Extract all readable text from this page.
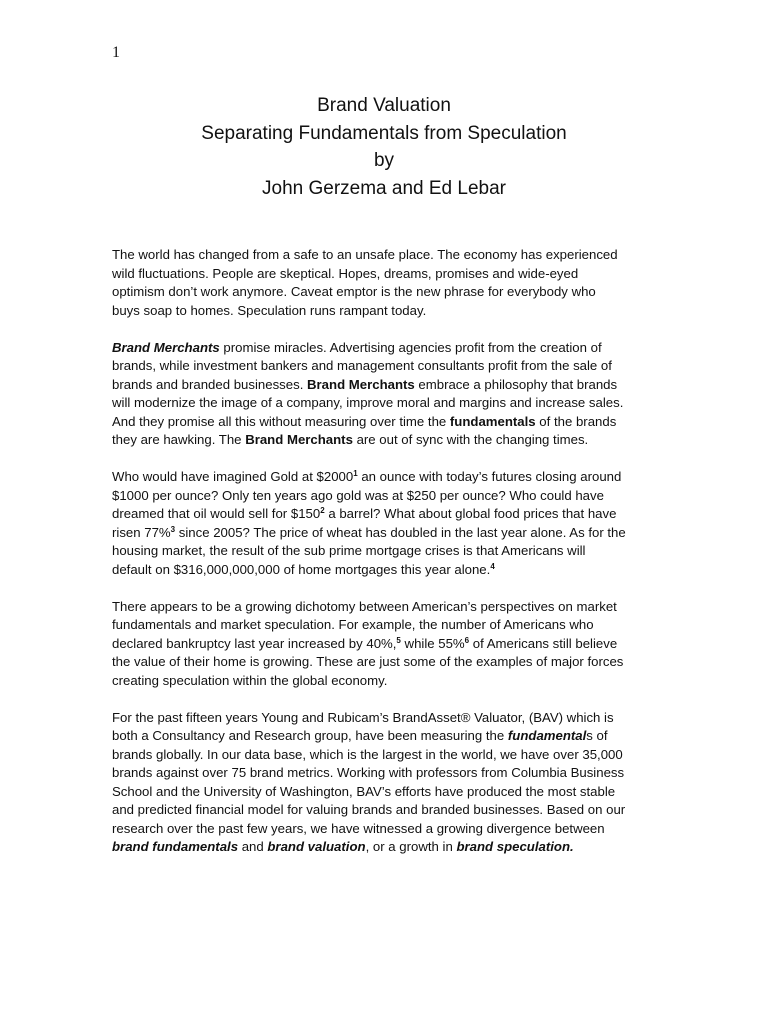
1
Brand Valuation
Separating Fundamentals from Speculation
by
John Gerzema and Ed Lebar

The world has changed from a safe to an unsafe place. The economy has experienced
wild fluctuations. People are skeptical. Hopes, dreams, promises and wide-eyed
optimism don’t work anymore. Caveat emptor is the new phrase for everybody who
buys soap to homes. Speculation runs rampant today.

Brand Merchants promise miracles. Advertising agencies profit from the creation of
brands, while investment bankers and management consultants profit from the sale of
brands and branded businesses. Brand Merchants embrace a philosophy that brands
will modernize the image of a company, improve moral and margins and increase sales.
And they promise all this without measuring over time the fundamentals of the brands
they are hawking. The Brand Merchants are out of sync with the changing times.

Who would have imagined Gold at $2000$^1$ an ounce with today’s futures closing around
$1000 per ounce? Only ten years ago gold was at $250 per ounce? Who could have
dreamed that oil would sell for $\$150^2$ a barrel? What about global food prices that have
risen 77%$^3$ since 2005? The price of wheat has doubled in the last year alone. As for the
housing market, the result of the sub prime mortgage crises is that Americans will
default on $316,000,000,000 of home mortgages this year alone.$^4$

There appears to be a growing dichotomy between American’s perspectives on market
fundamentals and market speculation. For example, the number of Americans who
declared bankruptcy last year increased by 40%,$^5$ while 55%$^6$ of Americans still believe
the value of their home is growing. These are just some of the examples of major forces
creating speculation within the global economy.

For the past fifteen years Young and Rubicam’s BrandAsset® Valuator, (BAV) which is
both a Consultancy and Research group, have been measuring the fundamentals of
brands globally. In our data base, which is the largest in the world, we have over 35,000
brands against over 75 brand metrics. Working with professors from Columbia Business
School and the University of Washington, BAV’s efforts have produced the most stable
and predicted financial model for valuing brands and branded businesses. Based on our
research over the past few years, we have witnessed a growing divergence between
brand fundamentals and brand valuation, or a growth in brand speculation.
